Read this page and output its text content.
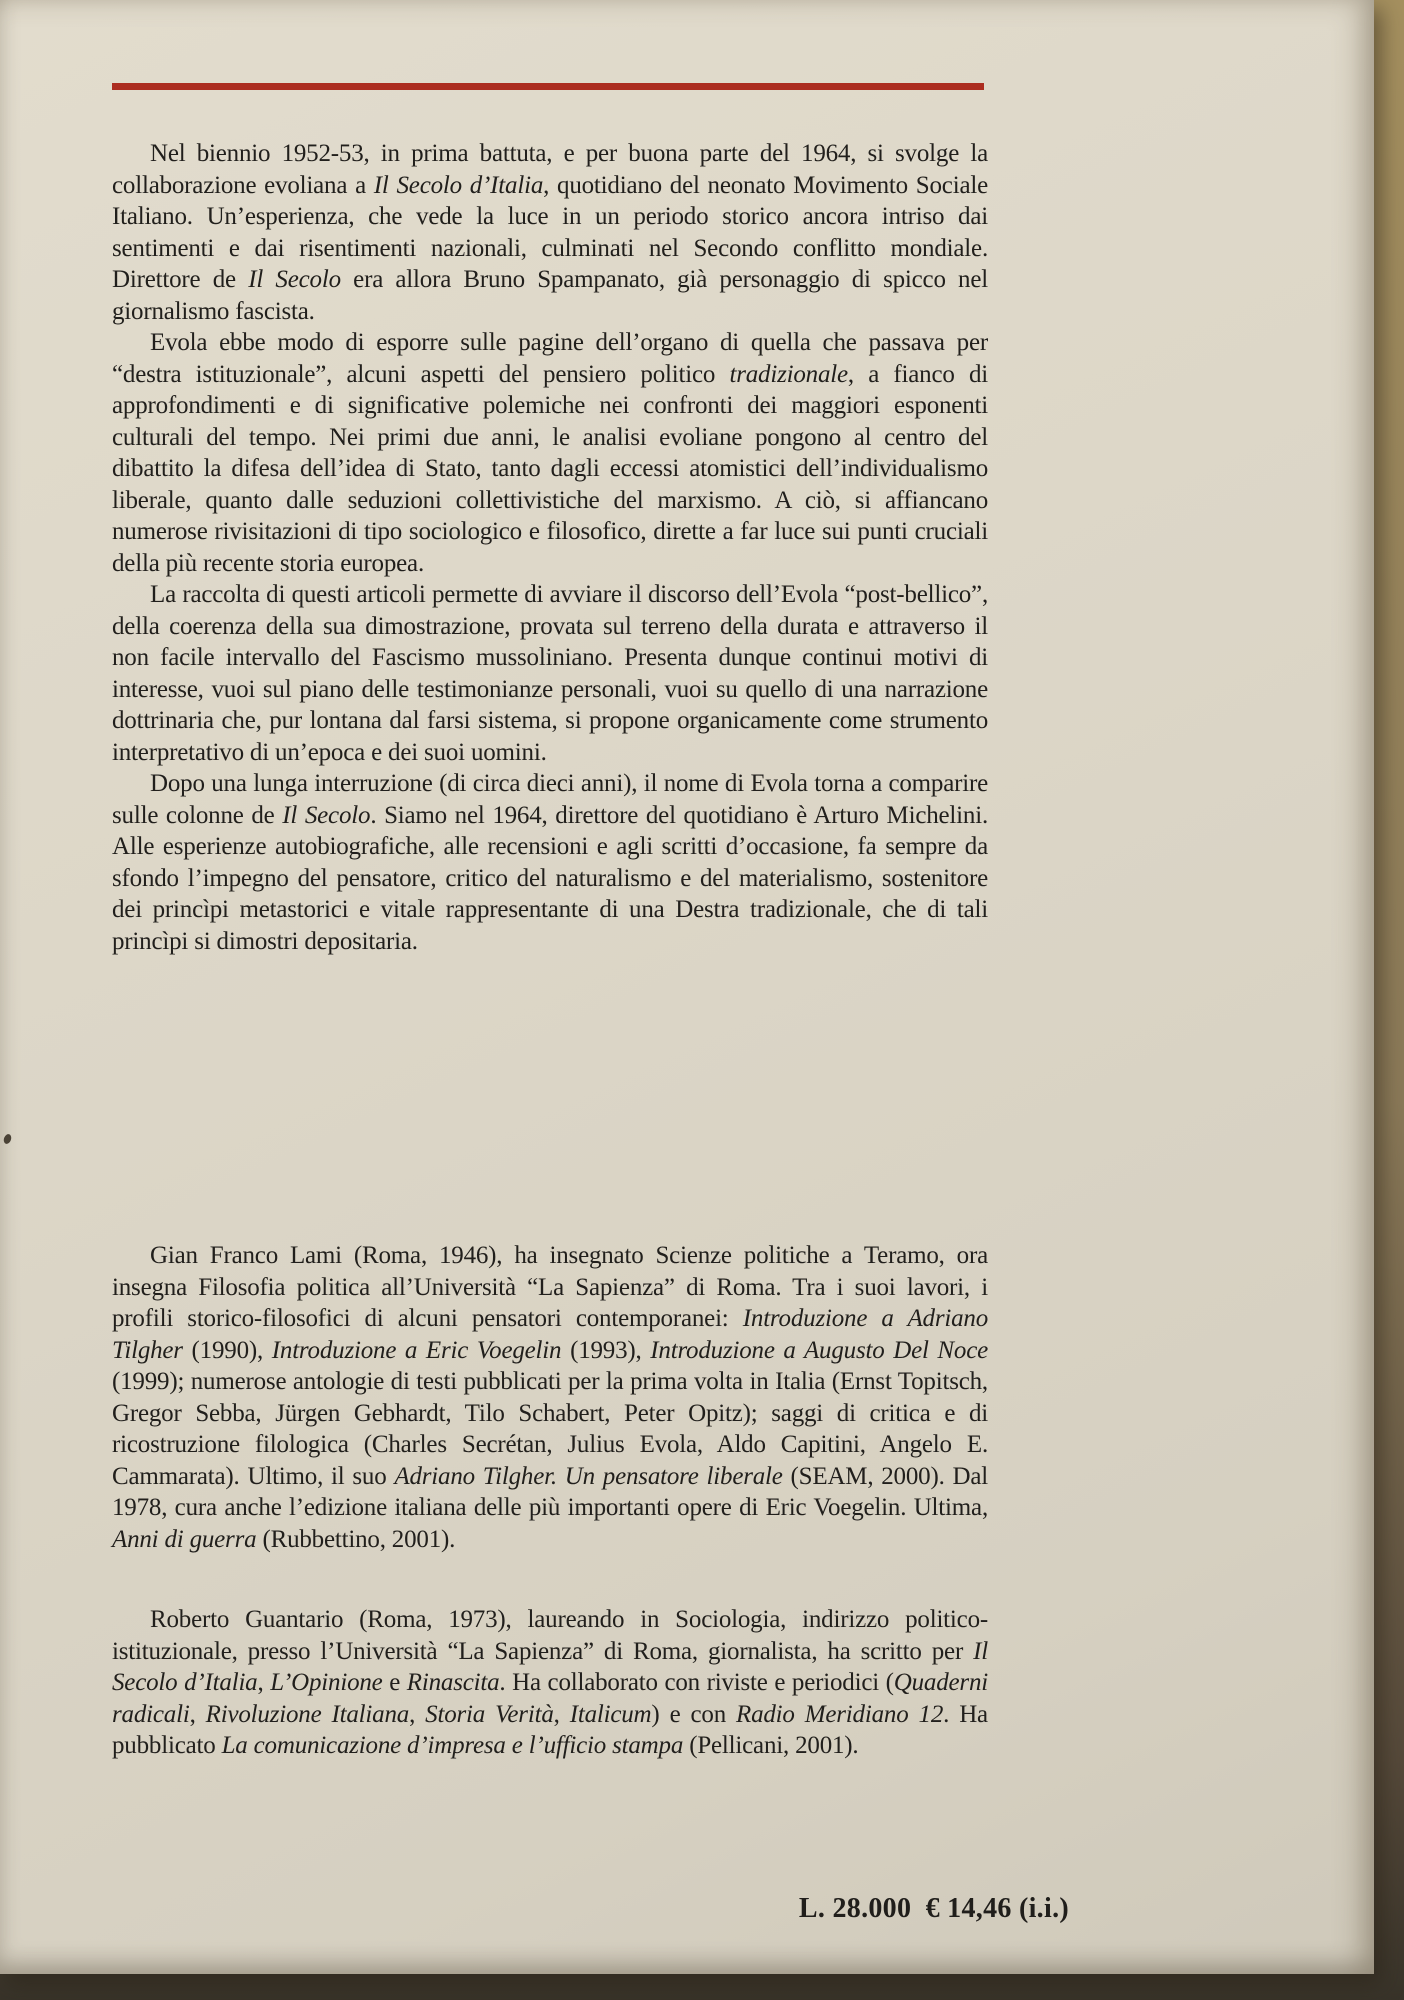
Nel biennio 1952-53, in prima battuta, e per buona parte del 1964, si svolge la collaborazione evoliana a Il Secolo d’Italia, quotidiano del neonato Movimento Sociale Italiano. Un’esperienza, che vede la luce in un periodo storico ancora intriso dai sentimenti e dai risentimenti nazionali, culminati nel Secondo conflitto mondiale. Direttore de Il Secolo era allora Bruno Spampanato, già personaggio di spicco nel giornalismo fascista.

Evola ebbe modo di esporre sulle pagine dell’organo di quella che passava per “destra istituzionale”, alcuni aspetti del pensiero politico tradizionale, a fianco di approfondimenti e di significative polemiche nei confronti dei maggiori esponenti culturali del tempo. Nei primi due anni, le analisi evoliane pongono al centro del dibattito la difesa dell’idea di Stato, tanto dagli eccessi atomistici dell’individualismo liberale, quanto dalle seduzioni collettivistiche del marxismo. A ciò, si affiancano numerose rivisitazioni di tipo sociologico e filosofico, dirette a far luce sui punti cruciali della più recente storia europea.

La raccolta di questi articoli permette di avviare il discorso dell’Evola “post-bellico”, della coerenza della sua dimostrazione, provata sul terreno della durata e attraverso il non facile intervallo del Fascismo mussoliniano. Presenta dunque continui motivi di interesse, vuoi sul piano delle testimonianze personali, vuoi su quello di una narrazione dottrinaria che, pur lontana dal farsi sistema, si propone organicamente come strumento interpretativo di un’epoca e dei suoi uomini.

Dopo una lunga interruzione (di circa dieci anni), il nome di Evola torna a comparire sulle colonne de Il Secolo. Siamo nel 1964, direttore del quotidiano è Arturo Michelini. Alle esperienze autobiografiche, alle recensioni e agli scritti d’occasione, fa sempre da sfondo l’impegno del pensatore, critico del naturalismo e del materialismo, sostenitore dei princìpi metastorici e vitale rappresentante di una Destra tradizionale, che di tali princìpi si dimostri depositaria.

Gian Franco Lami (Roma, 1946), ha insegnato Scienze politiche a Teramo, ora insegna Filosofia politica all’Università “La Sapienza” di Roma. Tra i suoi lavori, i profili storico-filosofici di alcuni pensatori contemporanei: Introduzione a Adriano Tilgher (1990), Introduzione a Eric Voegelin (1993), Introduzione a Augusto Del Noce (1999); numerose antologie di testi pubblicati per la prima volta in Italia (Ernst Topitsch, Gregor Sebba, Jürgen Gebhardt, Tilo Schabert, Peter Opitz); saggi di critica e di ricostruzione filologica (Charles Secrétan, Julius Evola, Aldo Capitini, Angelo E. Cammarata). Ultimo, il suo Adriano Tilgher. Un pensatore liberale (SEAM, 2000). Dal 1978, cura anche l’edizione italiana delle più importanti opere di Eric Voegelin. Ultima, Anni di guerra (Rubbettino, 2001).

Roberto Guantario (Roma, 1973), laureando in Sociologia, indirizzo politico-istituzionale, presso l’Università “La Sapienza” di Roma, giornalista, ha scritto per Il Secolo d’Italia, L’Opinione e Rinascita. Ha collaborato con riviste e periodici (Quaderni radicali, Rivoluzione Italiana, Storia Verità, Italicum) e con Radio Meridiano 12. Ha pubblicato La comunicazione d’impresa e l’ufficio stampa (Pellicani, 2001).

L. 28.000 € 14,46 (i.i.)
